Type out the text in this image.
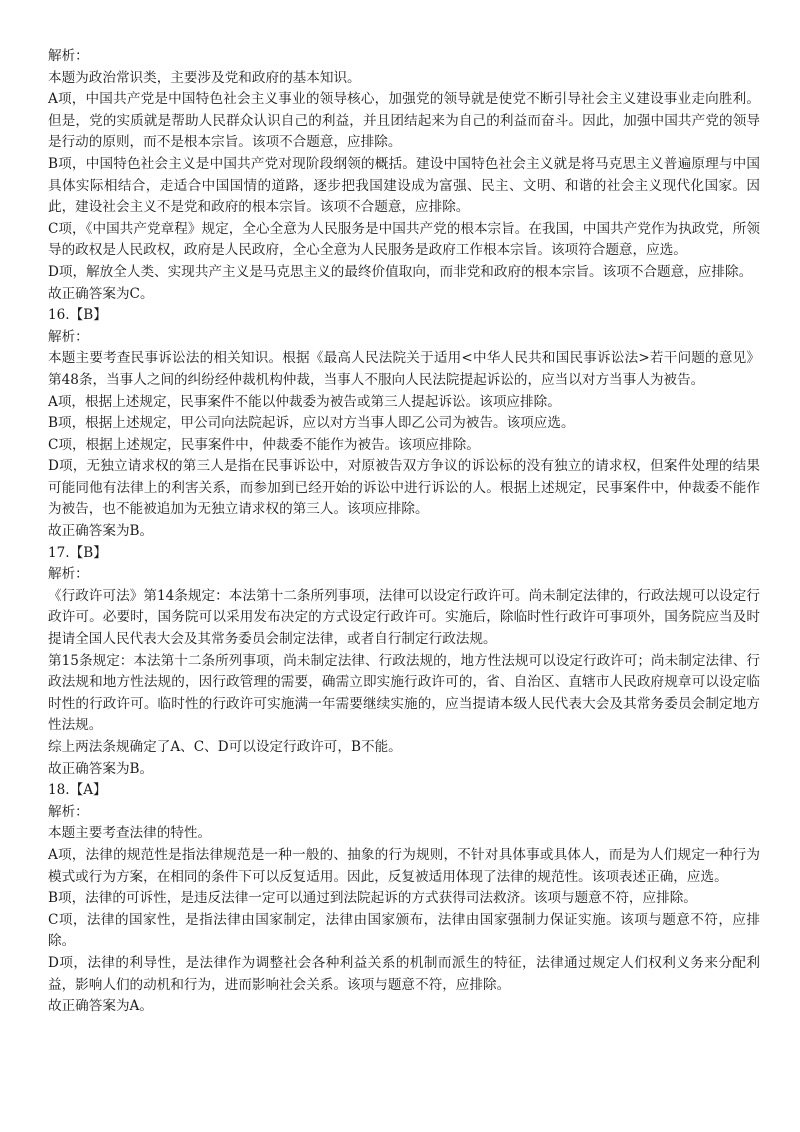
解析：

本题为政治常识类，主要涉及党和政府的基本知识。

A项，中国共产党是中国特色社会主义事业的领导核心，加强党的领导就是使党不断引导社会主义建设事业走向胜利。但是，党的实质就是帮助人民群众认识自己的利益，并且团结起来为自己的利益而奋斗。因此，加强中国共产党的领导是行动的原则，而不是根本宗旨。该项不合题意，应排除。

B项，中国特色社会主义是中国共产党对现阶段纲领的概括。建设中国特色社会主义就是将马克思主义普遍原理与中国具体实际相结合，走适合中国国情的道路，逐步把我国建设成为富强、民主、文明、和谐的社会主义现代化国家。因此，建设社会主义不是党和政府的根本宗旨。该项不合题意，应排除。

C项，《中国共产党章程》规定，全心全意为人民服务是中国共产党的根本宗旨。在我国，中国共产党作为执政党，所领导的政权是人民政权，政府是人民政府，全心全意为人民服务是政府工作根本宗旨。该项符合题意，应选。

D项，解放全人类、实现共产主义是马克思主义的最终价值取向，而非党和政府的根本宗旨。该项不合题意，应排除。

故正确答案为C。

16.【B】

解析：

本题主要考查民事诉讼法的相关知识。根据《最高人民法院关于适用<中华人民共和国民事诉讼法>若干问题的意见》第48条，当事人之间的纠纷经仲裁机构仲裁，当事人不服向人民法院提起诉讼的，应当以对方当事人为被告。

A项，根据上述规定，民事案件不能以仲裁委为被告或第三人提起诉讼。该项应排除。

B项，根据上述规定，甲公司向法院起诉，应以对方当事人即乙公司为被告。该项应选。

C项，根据上述规定，民事案件中，仲裁委不能作为被告。该项应排除。

D项，无独立请求权的第三人是指在民事诉讼中，对原被告双方争议的诉讼标的没有独立的请求权，但案件处理的结果可能同他有法律上的利害关系，而参加到已经开始的诉讼中进行诉讼的人。根据上述规定，民事案件中，仲裁委不能作为被告，也不能被追加为无独立请求权的第三人。该项应排除。

故正确答案为B。

17.【B】

解析：

《行政许可法》第14条规定：本法第十二条所列事项，法律可以设定行政许可。尚未制定法律的，行政法规可以设定行政许可。必要时，国务院可以采用发布决定的方式设定行政许可。实施后，除临时性行政许可事项外，国务院应当及时提请全国人民代表大会及其常务委员会制定法律，或者自行制定行政法规。

第15条规定：本法第十二条所列事项，尚未制定法律、行政法规的，地方性法规可以设定行政许可；尚未制定法律、行政法规和地方性法规的，因行政管理的需要，确需立即实施行政许可的，省、自治区、直辖市人民政府规章可以设定临时性的行政许可。临时性的行政许可实施满一年需要继续实施的，应当提请本级人民代表大会及其常务委员会制定地方性法规。

综上两法条规确定了A、C、D可以设定行政许可，B不能。

故正确答案为B。

18.【A】

解析：

本题主要考查法律的特性。

A项，法律的规范性是指法律规范是一种一般的、抽象的行为规则，不针对具体事或具体人，而是为人们规定一种行为模式或行为方案，在相同的条件下可以反复适用。因此，反复被适用体现了法律的规范性。该项表述正确，应选。

B项，法律的可诉性，是违反法律一定可以通过到法院起诉的方式获得司法救济。该项与题意不符，应排除。

C项，法律的国家性，是指法律由国家制定，法律由国家颁布，法律由国家强制力保证实施。该项与题意不符，应排除。

D项，法律的利导性，是法律作为调整社会各种利益关系的机制而派生的特征，法律通过规定人们权利义务来分配利益，影响人们的动机和行为，进而影响社会关系。该项与题意不符，应排除。

故正确答案为A。
